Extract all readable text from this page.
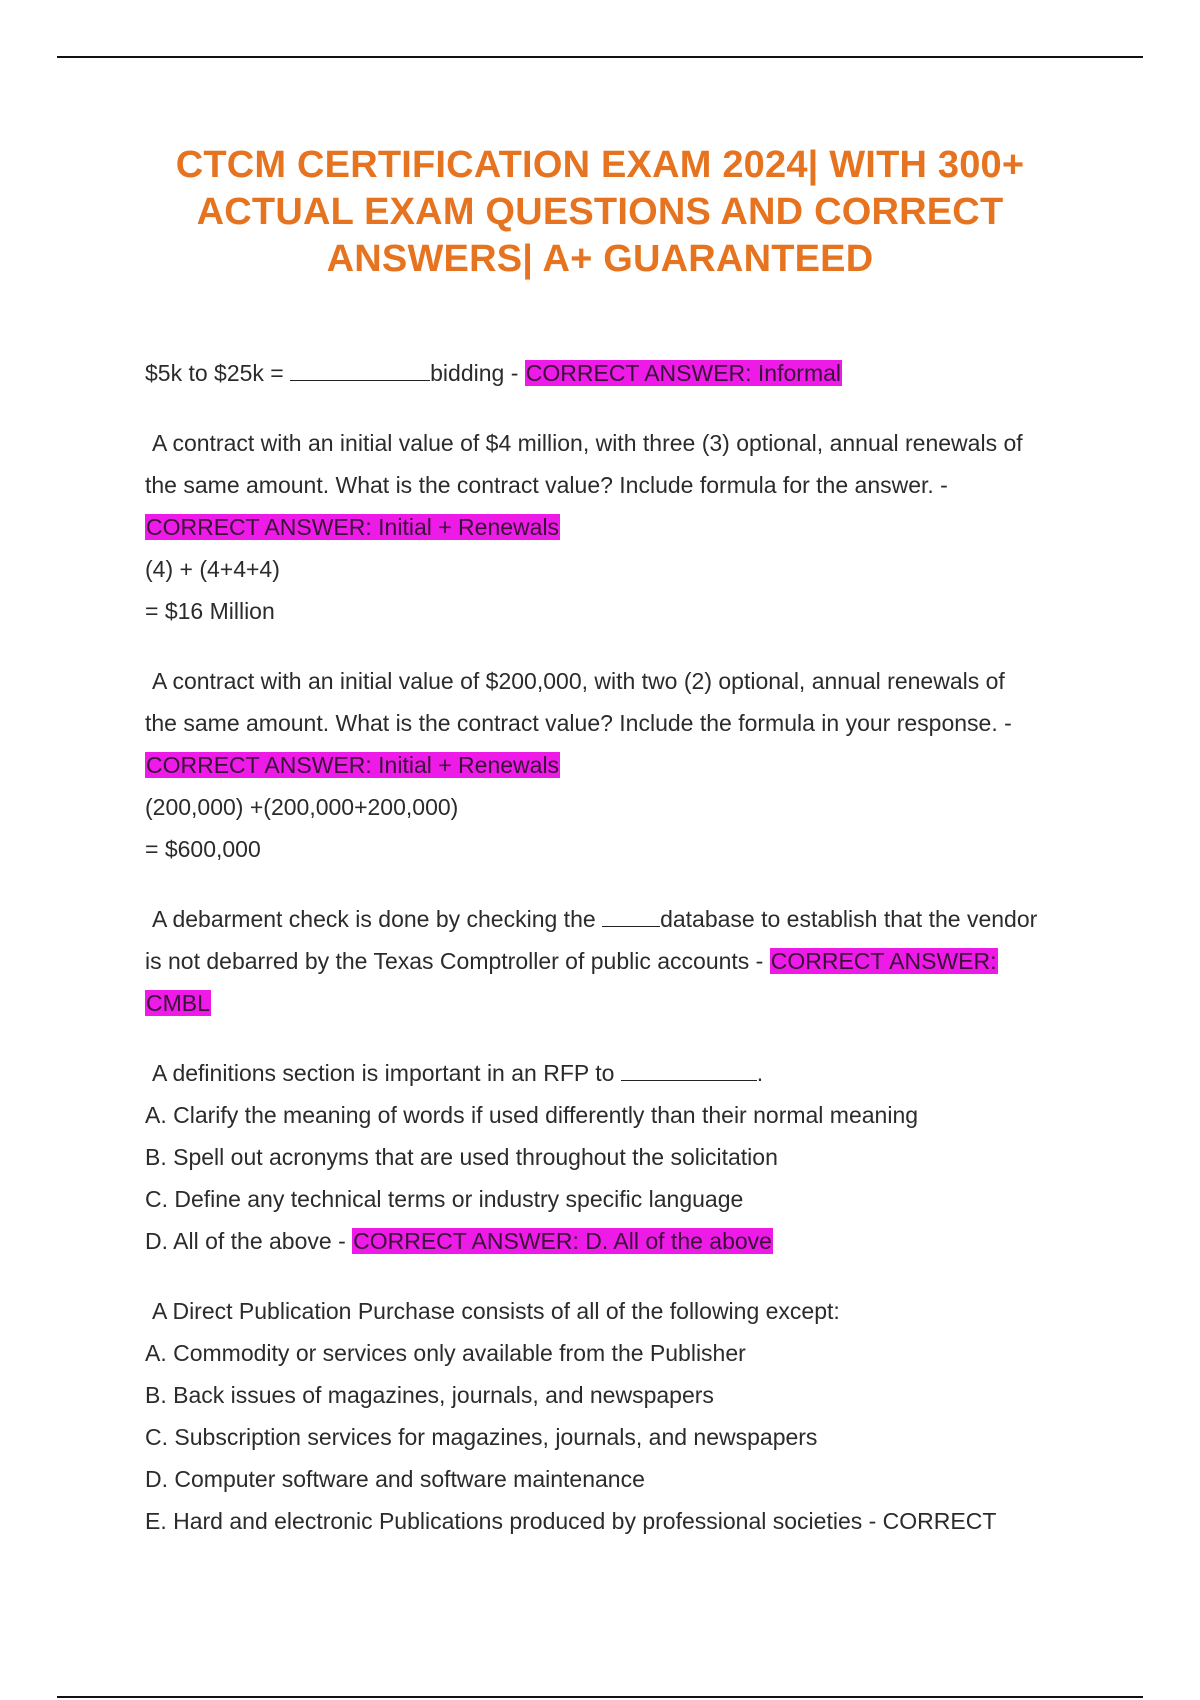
CTCM CERTIFICATION EXAM 2024| WITH 300+
ACTUAL EXAM QUESTIONS AND CORRECT
ANSWERS| A+ GUARANTEED
$5k to $25k =	bidding - CORRECT ANSWER: Informal
A contract with an initial value of $4 million, with three (3) optional, annual renewals of
the same amount. What is the contract value? Include formula for the answer. -
CORRECT ANSWER: Initial + Renewals
(4) + (4+4+4)
= $16 Million
A contract with an initial value of $200,000, with two (2) optional, annual renewals of
the same amount. What is the contract value? Include the formula in your response. -
CORRECT ANSWER: Initial + Renewals
(200,000) +(200,000+200,000)
= $600,000
A debarment check is done by checking the	database to establish that the vendor
is not debarred by the Texas Comptroller of public accounts - CORRECT ANSWER:
CMBL
A definitions section is important in an RFP to	.
A. Clarify the meaning of words if used differently than their normal meaning
B. Spell out acronyms that are used throughout the solicitation
C. Define any technical terms or industry specific language
D. All of the above - CORRECT ANSWER: D. All of the above
A Direct Publication Purchase consists of all of the following except:
A. Commodity or services only available from the Publisher
B. Back issues of magazines, journals, and newspapers
C. Subscription services for magazines, journals, and newspapers
D. Computer software and software maintenance
E. Hard and electronic Publications produced by professional societies - CORRECT
